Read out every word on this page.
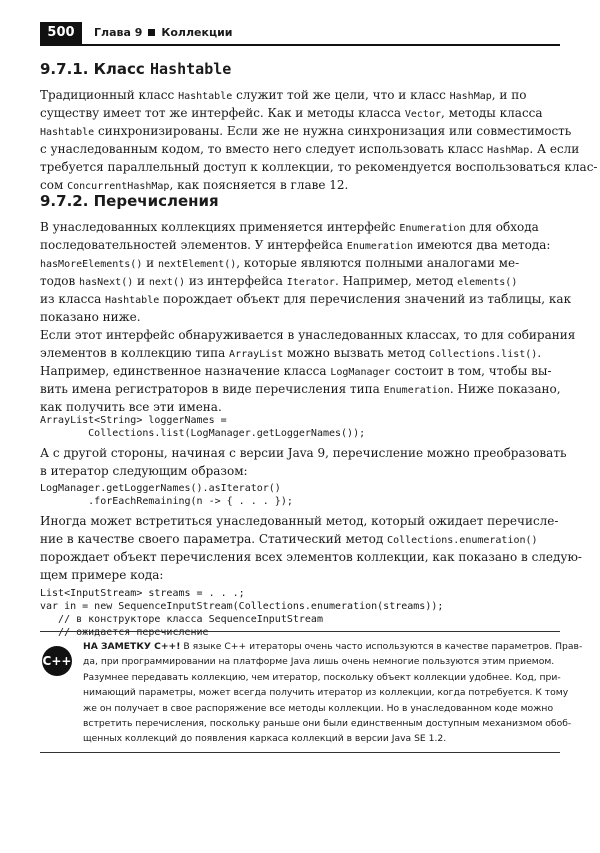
500	Глава 9 Коллекции
9.7.1. Класс Hashtable
Традиционный класс Hashtable служит той же цели, что и класс HashMap, и по
существу имеет тот же интерфейс. Как и методы класса Vector, методы класса
Hashtable синхронизированы. Если же не нужна синхронизация или совместимость
с унаследованным кодом, то вместо него следует использовать класс HashMap. А если
требуется параллельный доступ к коллекции, то рекомендуется воспользоваться клас-
сом ConcurrentHashMap, как поясняется в главе 12.
9.7.2. Перечисления
В унаследованных коллекциях применяется интерфейс Enumeration для обхода
последовательностей элементов. У интерфейса Enumeration имеются два метода:
hasMoreElements() и nextElement(), которые являются полными аналогами ме-
тодов hasNext() и next() из интерфейса Iterator. Например, метод elements()
из класса Hashtable порождает объект для перечисления значений из таблицы, как
показано ниже.
Если этот интерфейс обнаруживается в унаследованных классах, то для собирания
элементов в коллекцию типа ArrayList можно вызвать метод Collections.list().
Например, единственное назначение класса LogManager состоит в том, чтобы вы-
вить имена регистраторов в виде перечисления типа Enumeration. Ниже показано,
как получить все эти имена.
ArrayList<String> loggerNames =
Collections.list(LogManager.getLoggerNames());
А с другой стороны, начиная с версии Java 9, перечисление можно преобразовать
в итератор следующим образом:
LogManager.getLoggerNames().asIterator()
.forEachRemaining(n -> { . . . });
Иногда может встретиться унаследованный метод, который ожидает перечисле-
ние в качестве своего параметра. Статический метод Collections.enumeration()
порождает объект перечисления всех элементов коллекции, как показано в следую-
щем примере кода:
List<InputStream> streams = . . .;
var in = new SequenceInputStream(Collections.enumeration(streams));
// в конструкторе класса SequenceInputStream
// ожидается перечисление
C++
НА ЗАМЕТКУ С++! В языке С++ итераторы очень часто используются в качестве параметров. Прав-
да, при программировании на платформе Java лишь очень немногие пользуются этим приемом.
Разумнее передавать коллекцию, чем итератор, поскольку объект коллекции удобнее. Код, при-
нимающий параметры, может всегда получить итератор из коллекции, когда потребуется. К тому
же он получает в свое распоряжение все методы коллекции. Но в унаследованном коде можно
встретить перечисления, поскольку раньше они были единственным доступным механизмом обоб-
щенных коллекций до появления каркаса коллекций в версии Java SE 1.2.
